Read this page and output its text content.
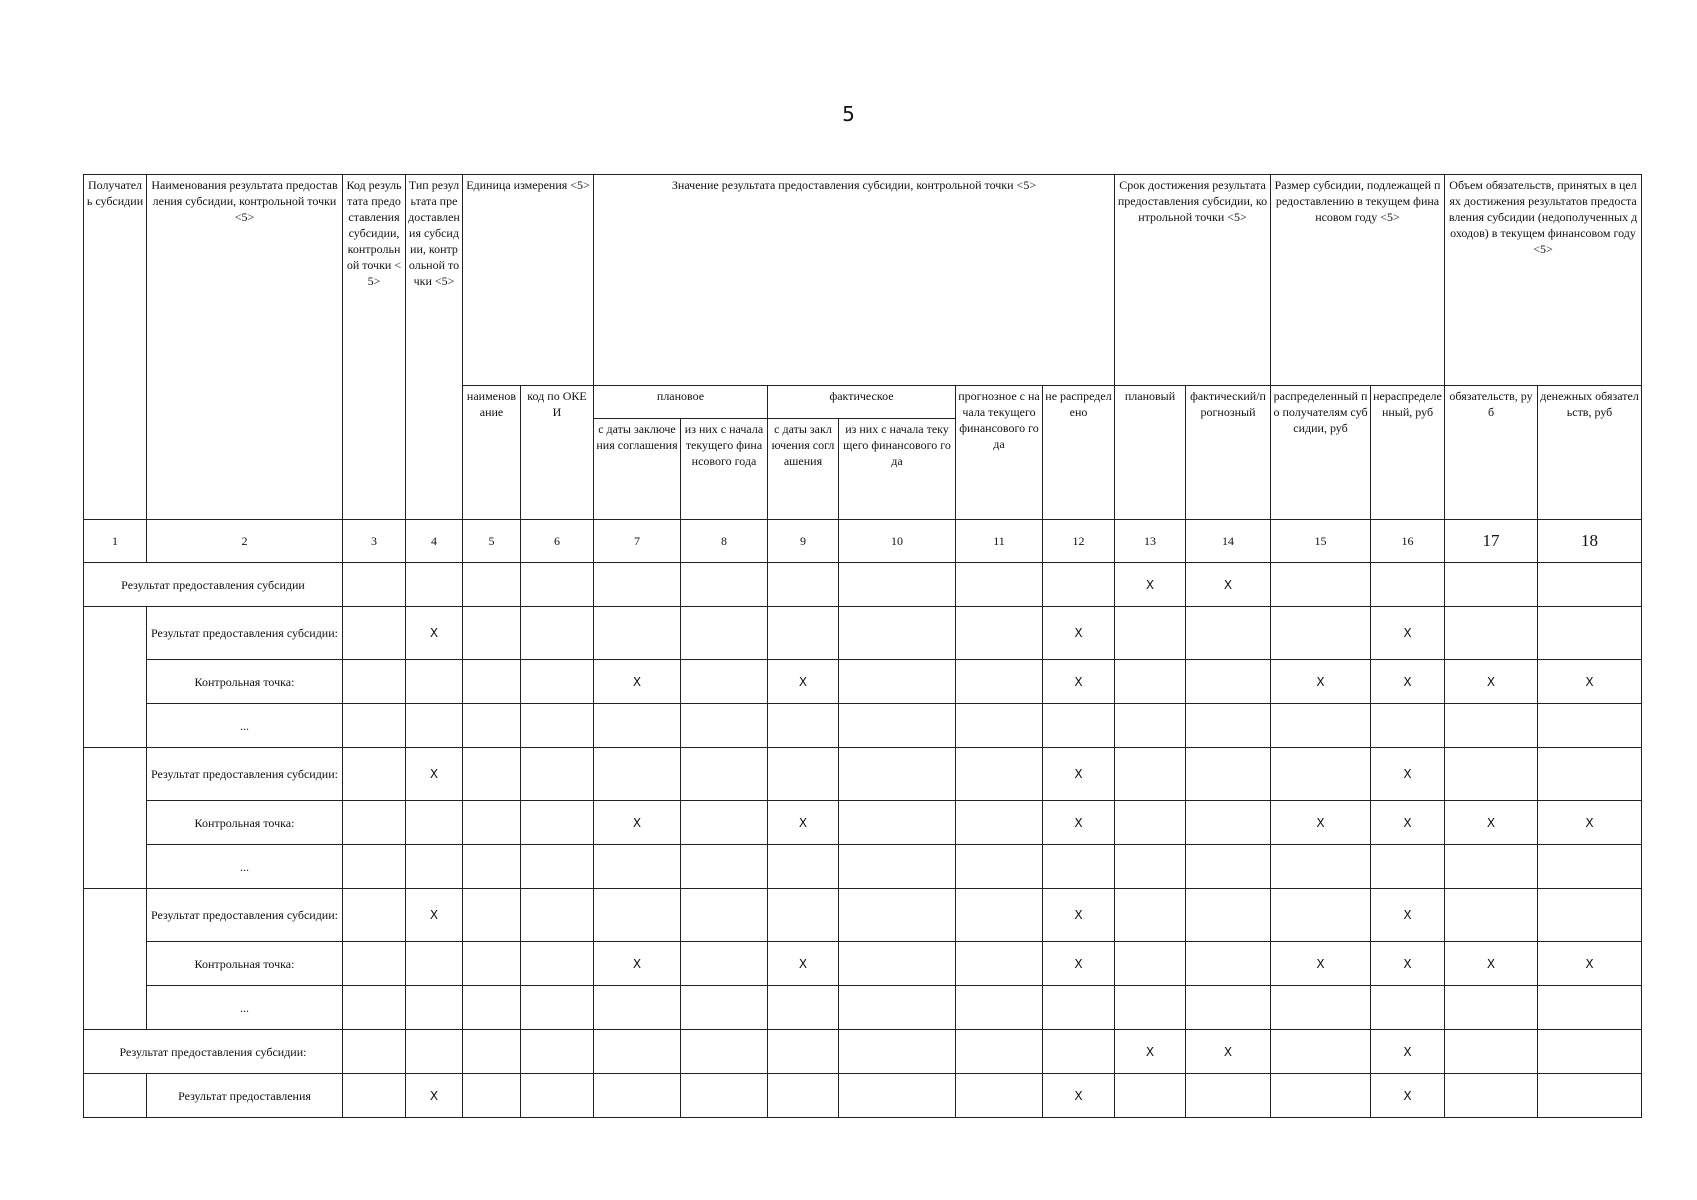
5
Получатель субсидии	Наименования результата предоставления субсидии, контрольной точки <5>	Код результата предоставления субсидии, контрольной точки <5>	Тип результата предоставления субсидии, контрольной точки <5>	Единица измерения <5>		Значение результата предоставления субсидии, контрольной точки <5>						Срок достижения результата предоставления субсидии, контрольной точки <5>		Размер субсидии, подлежащей предоставлению в текущем финансовом году <5>		Объем обязательств, принятых в целях достижения результатов предоставления субсидии (недополученных доходов) в текущем финансовом году <5>	
				наименование	код по ОКЕИ	плановое		фактическое		прогнозное с начала текущего финансового года	не распределено	плановый	фактический/прогнозный	распределенный по получателям субсидии, руб	нераспределенный, руб	обязательств, руб	денежных обязательств, руб
						с даты заключения соглашения	из них с начала текущего финансового года	с даты заключения соглашения	из них с начала текущего финансового года								
1	2	3	4	5	6	7	8	9	10	11	12	13	14	15	16	17	18
Результат предоставления субсидии												X	X				
	Результат предоставления субсидии:		X								X				X		
	Контрольная точка:					X		X			X			X	X	X	X
	...																
	Результат предоставления субсидии:		X								X				X		
	Контрольная точка:					X		X			X			X	X	X	X
	...																
	Результат предоставления субсидии:		X								X				X		
	Контрольная точка:					X		X			X			X	X	X	X
	...																
Результат предоставления субсидии:												X	X		X		
	Результат предоставления		X								X				X		
